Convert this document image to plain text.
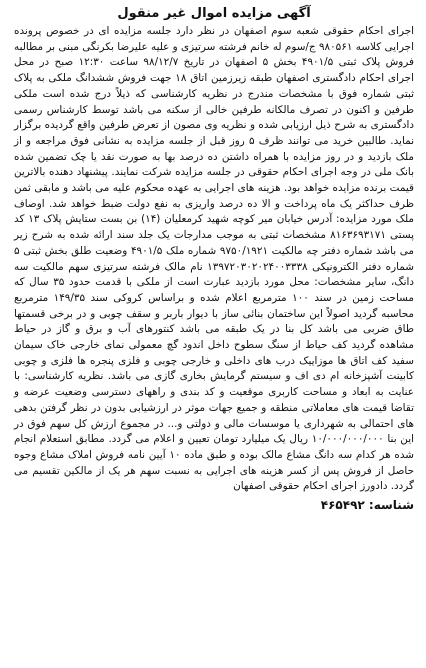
آگهی مزایده اموال غیر منقول

اجرای احکام حقوقی شعبه سوم اصفهان در نظر دارد جلسه مزایده ای در خصوص پرونده اجرایی کلاسه ۹۸۰۵۶۱ ج/سوم له خانم فرشته سرتیزی و علیه علیرضا بکرنگی مبنی بر مطالبه فروش پلاک ثبتی ۴۹۰۱/۵ بخش ۵ اصفهان در تاریخ ۹۸/۱۲/۷ ساعت ۱۲:۳۰ صبح در محل اجرای احکام دادگستری اصفهان طبقه زیرزمین اتاق ۱۸ جهت فروش ششدانگ ملکی به پلاک ثبتی شماره فوق با مشخصات مندرج در نظریه کارشناسی که ذیلاً درج شده است ملکی طرفین و اکنون در تصرف مالکانه طرفین خالی از سکنه می باشد توسط کارشناس رسمی دادگستری به شرح ذیل ارزیابی شده و نظریه وی مصون از تعرض طرفین واقع گردیده برگزار نماید. طالبین خرید می توانند ظرف ۵ روز قبل از جلسه مزایده به نشانی فوق مراجعه و از ملک بازدید و در روز مزایده با همراه داشتن ده درصد بها به صورت نقد یا چک تضمین شده بانک ملی در وجه اجرای احکام حقوقی در جلسه مزایده شرکت نمایند. پیشنهاد دهنده بالاترین قیمت برنده مزایده خواهد بود. هزینه های اجرایی به عهده محکوم علیه می باشد و مابقی ثمن ظرف حداکثر یک ماه پرداخت و الا ده درصد واریزی به نفع دولت ضبط خواهد شد. اوصاف ملک مورد مزایده: آدرس خیابان میر کوچه شهید کرمعلیان (۱۴) بن بست ستایش پلاک ۱۳ کد پستی ۸۱۶۳۶۹۳۱۷۱ مشخصات ثبتی به موجب مدارجات یک جلد سند ارائه شده به شرح زیر می باشد شماره دفتر چه مالکیت ۹۷۵۰/۱۹۲۱ شماره ملک ۴۹۰۱/۵ وضعیت طلق بخش ثبتی ۵ شماره دفتر الکترونیکی ۱۳۹۷۲۰۳۰۲۰۲۴۰۰۳۳۳۸ نام مالک فرشته سرتیزی سهم مالکیت سه دانگ، سایر مشخصات: محل مورد بازدید عبارت است از ملکی با قدمت حدود ۳۵ سال که مساحت زمین در سند ۱۰۰ مترمربع اعلام شده و براساس کروکی سند ۱۴۹/۳۵ مترمربع محاسبه گردید اصولاً این ساختمان بنائی ساز با دیوار باربر و سقف چوبی و در برخی قسمتها طاق ضربی می باشد کل بنا در یک طبقه می باشد کنتورهای آب و برق و گاز در حیاط مشاهده گردید کف حیاط از سنگ سطوح داخل اندود گچ معمولی نمای خارجی خاک سیمان سفید کف اتاق ها موزاییک درب های داخلی و خارجی چوبی و فلزی پنجره ها فلزی و چوبی کابینت آشپزخانه ام دی اف و سیستم گرمایش بخاری گازی می باشد. نظریه کارشناسی: با عنایت به ابعاد و مساحت کاربری موقعیت و کد بندی و راههای دسترسی وضعیت عرضه و تقاضا قیمت های معاملاتی منطقه و جمیع جهات موثر در ارزشیابی بدون در نظر گرفتن بدهی های احتمالی به شهرداری یا موسسات مالی و دولتی و... در مجموع ارزش کل سهم فوق در این بنا ۱۰/۰۰۰/۰۰۰/۰۰۰ ریال یک میلیارد تومان تعیین و اعلام می گردد. مطابق استعلام انجام شده هر کدام سه دانگ مشاع مالک بوده و طبق ماده ۱۰ آیین نامه فروش املاک مشاع وجوه حاصل از فروش پس از کسر هزینه های اجرایی به نسبت سهم هر یک از مالکین تقسیم می گردد. دادورز اجرای احکام حقوقی اصفهان

شناسه: ۴۶۵۴۹۲
